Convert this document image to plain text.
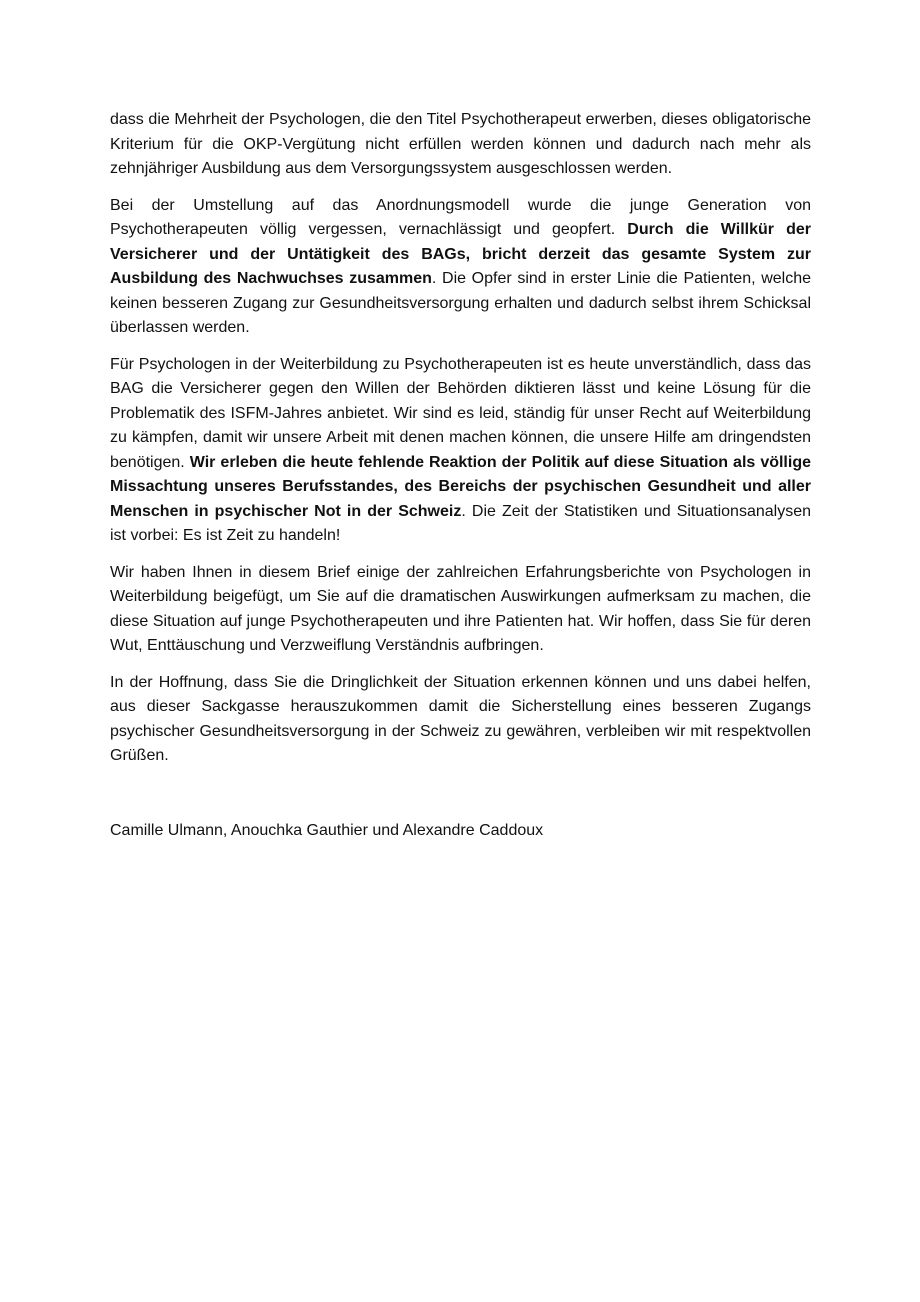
dass die Mehrheit der Psychologen, die den Titel Psychotherapeut erwerben, dieses obligatorische Kriterium für die OKP-Vergütung nicht erfüllen werden können und dadurch nach mehr als zehnjähriger Ausbildung aus dem Versorgungssystem ausgeschlossen werden.

Bei der Umstellung auf das Anordnungsmodell wurde die junge Generation von Psychotherapeuten völlig vergessen, vernachlässigt und geopfert. Durch die Willkür der Versicherer und der Untätigkeit des BAGs, bricht derzeit das gesamte System zur Ausbildung des Nachwuchses zusammen. Die Opfer sind in erster Linie die Patienten, welche keinen besseren Zugang zur Gesundheitsversorgung erhalten und dadurch selbst ihrem Schicksal überlassen werden.

Für Psychologen in der Weiterbildung zu Psychotherapeuten ist es heute unverständlich, dass das BAG die Versicherer gegen den Willen der Behörden diktieren lässt und keine Lösung für die Problematik des ISFM-Jahres anbietet. Wir sind es leid, ständig für unser Recht auf Weiterbildung zu kämpfen, damit wir unsere Arbeit mit denen machen können, die unsere Hilfe am dringendsten benötigen. Wir erleben die heute fehlende Reaktion der Politik auf diese Situation als völlige Missachtung unseres Berufsstandes, des Bereichs der psychischen Gesundheit und aller Menschen in psychischer Not in der Schweiz. Die Zeit der Statistiken und Situationsanalysen ist vorbei: Es ist Zeit zu handeln!

Wir haben Ihnen in diesem Brief einige der zahlreichen Erfahrungsberichte von Psychologen in Weiterbildung beigefügt, um Sie auf die dramatischen Auswirkungen aufmerksam zu machen, die diese Situation auf junge Psychotherapeuten und ihre Patienten hat. Wir hoffen, dass Sie für deren Wut, Enttäuschung und Verzweiflung Verständnis aufbringen.

In der Hoffnung, dass Sie die Dringlichkeit der Situation erkennen können und uns dabei helfen, aus dieser Sackgasse herauszukommen damit die Sicherstellung eines besseren Zugangs psychischer Gesundheitsversorgung in der Schweiz zu gewähren, verbleiben wir mit respektvollen Grüßen.

Camille Ulmann, Anouchka Gauthier und Alexandre Caddoux
